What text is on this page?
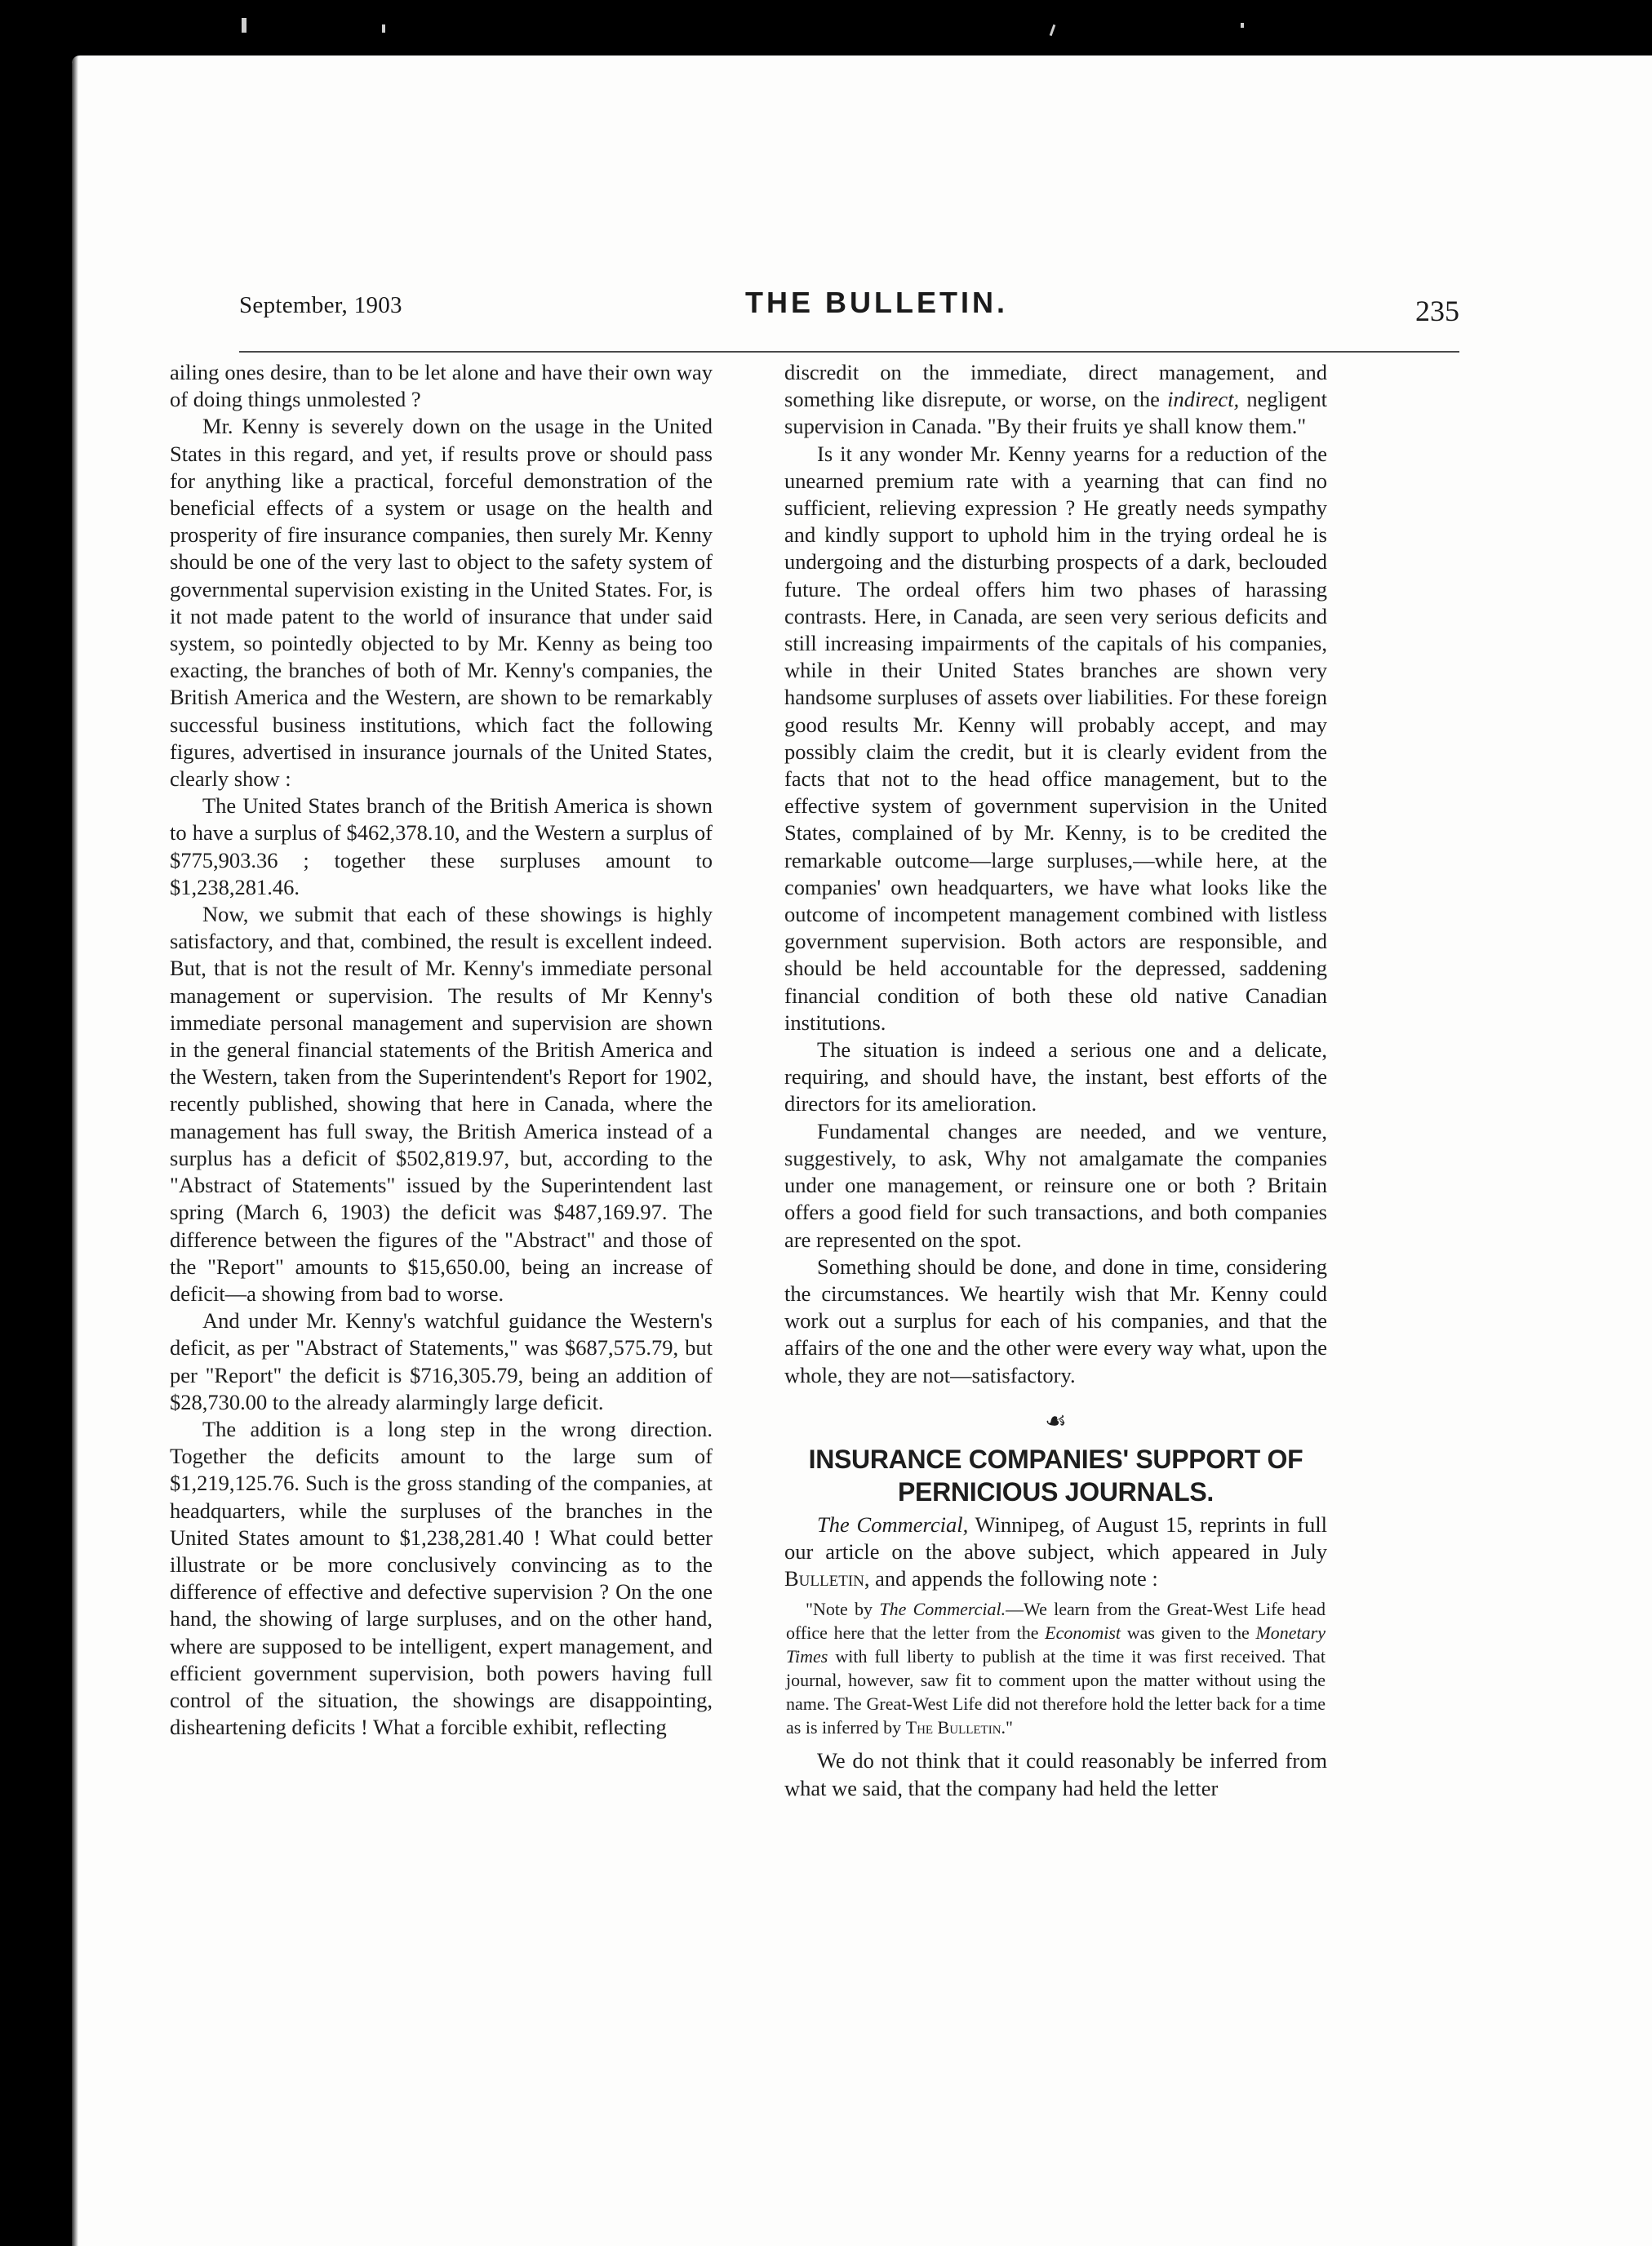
September, 1903	THE BULLETIN.	235

ailing ones desire, than to be let alone and have their own way of doing things unmolested ?

Mr. Kenny is severely down on the usage in the United States in this regard, and yet, if results prove or should pass for anything like a practical, forceful demonstration of the beneficial effects of a system or usage on the health and prosperity of fire insurance companies, then surely Mr. Kenny should be one of the very last to object to the safety system of governmental supervision existing in the United States. For, is it not made patent to the world of insurance that under said system, so pointedly objected to by Mr. Kenny as being too exacting, the branches of both of Mr. Kenny's companies, the British America and the Western, are shown to be remarkably successful business institutions, which fact the following figures, advertised in insurance journals of the United States, clearly show :

The United States branch of the British America is shown to have a surplus of $462,378.10, and the Western a surplus of $775,903.36 ; together these surpluses amount to $1,238,281.46.

Now, we submit that each of these showings is highly satisfactory, and that, combined, the result is excellent indeed. But, that is not the result of Mr. Kenny's immediate personal management or supervision. The results of Mr Kenny's immediate personal management and supervision are shown in the general financial statements of the British America and the Western, taken from the Superintendent's Report for 1902, recently published, showing that here in Canada, where the management has full sway, the British America instead of a surplus has a deficit of $502,819.97, but, according to the "Abstract of Statements" issued by the Superintendent last spring (March 6, 1903) the deficit was $487,169.97. The difference between the figures of the "Abstract" and those of the "Report" amounts to $15,650.00, being an increase of deficit—a showing from bad to worse.

And under Mr. Kenny's watchful guidance the Western's deficit, as per "Abstract of Statements," was $687,575.79, but per "Report" the deficit is $716,305.79, being an addition of $28,730.00 to the already alarmingly large deficit.

The addition is a long step in the wrong direction. Together the deficits amount to the large sum of $1,219,125.76. Such is the gross standing of the companies, at headquarters, while the surpluses of the branches in the United States amount to $1,238,281.40 ! What could better illustrate or be more conclusively convincing as to the difference of effective and defective supervision ? On the one hand, the showing of large surpluses, and on the other hand, where are supposed to be intelligent, expert management, and efficient government supervision, both powers having full control of the situation, the showings are disappointing, disheartening deficits ! What a forcible exhibit, reflecting

discredit on the immediate, direct management, and something like disrepute, or worse, on the indirect, negligent supervision in Canada. "By their fruits ye shall know them."

Is it any wonder Mr. Kenny yearns for a reduction of the unearned premium rate with a yearning that can find no sufficient, relieving expression ? He greatly needs sympathy and kindly support to uphold him in the trying ordeal he is undergoing and the disturbing prospects of a dark, beclouded future. The ordeal offers him two phases of harassing contrasts. Here, in Canada, are seen very serious deficits and still increasing impairments of the capitals of his companies, while in their United States branches are shown very handsome surpluses of assets over liabilities. For these foreign good results Mr. Kenny will probably accept, and may possibly claim the credit, but it is clearly evident from the facts that not to the head office management, but to the effective system of government supervision in the United States, complained of by Mr. Kenny, is to be credited the remarkable outcome—large surpluses,—while here, at the companies' own headquarters, we have what looks like the outcome of incompetent management combined with listless government supervision. Both actors are responsible, and should be held accountable for the depressed, saddening financial condition of both these old native Canadian institutions.

The situation is indeed a serious one and a delicate, requiring, and should have, the instant, best efforts of the directors for its amelioration.

Fundamental changes are needed, and we venture, suggestively, to ask, Why not amalgamate the companies under one management, or reinsure one or both ? Britain offers a good field for such transactions, and both companies are represented on the spot.

Something should be done, and done in time, considering the circumstances. We heartily wish that Mr. Kenny could work out a surplus for each of his companies, and that the affairs of the one and the other were every way what, upon the whole, they are not—satisfactory.

☙
INSURANCE COMPANIES' SUPPORT OF
PERNICIOUS JOURNALS.

The Commercial, Winnipeg, of August 15, reprints in full our article on the above subject, which appeared in July Bulletin, and appends the following note :

"Note by The Commercial.—We learn from the Great-West Life head office here that the letter from the Economist was given to the Monetary Times with full liberty to publish at the time it was first received. That journal, however, saw fit to comment upon the matter without using the name. The Great-West Life did not therefore hold the letter back for a time as is inferred by The Bulletin."

We do not think that it could reasonably be inferred from what we said, that the company had held the letter
